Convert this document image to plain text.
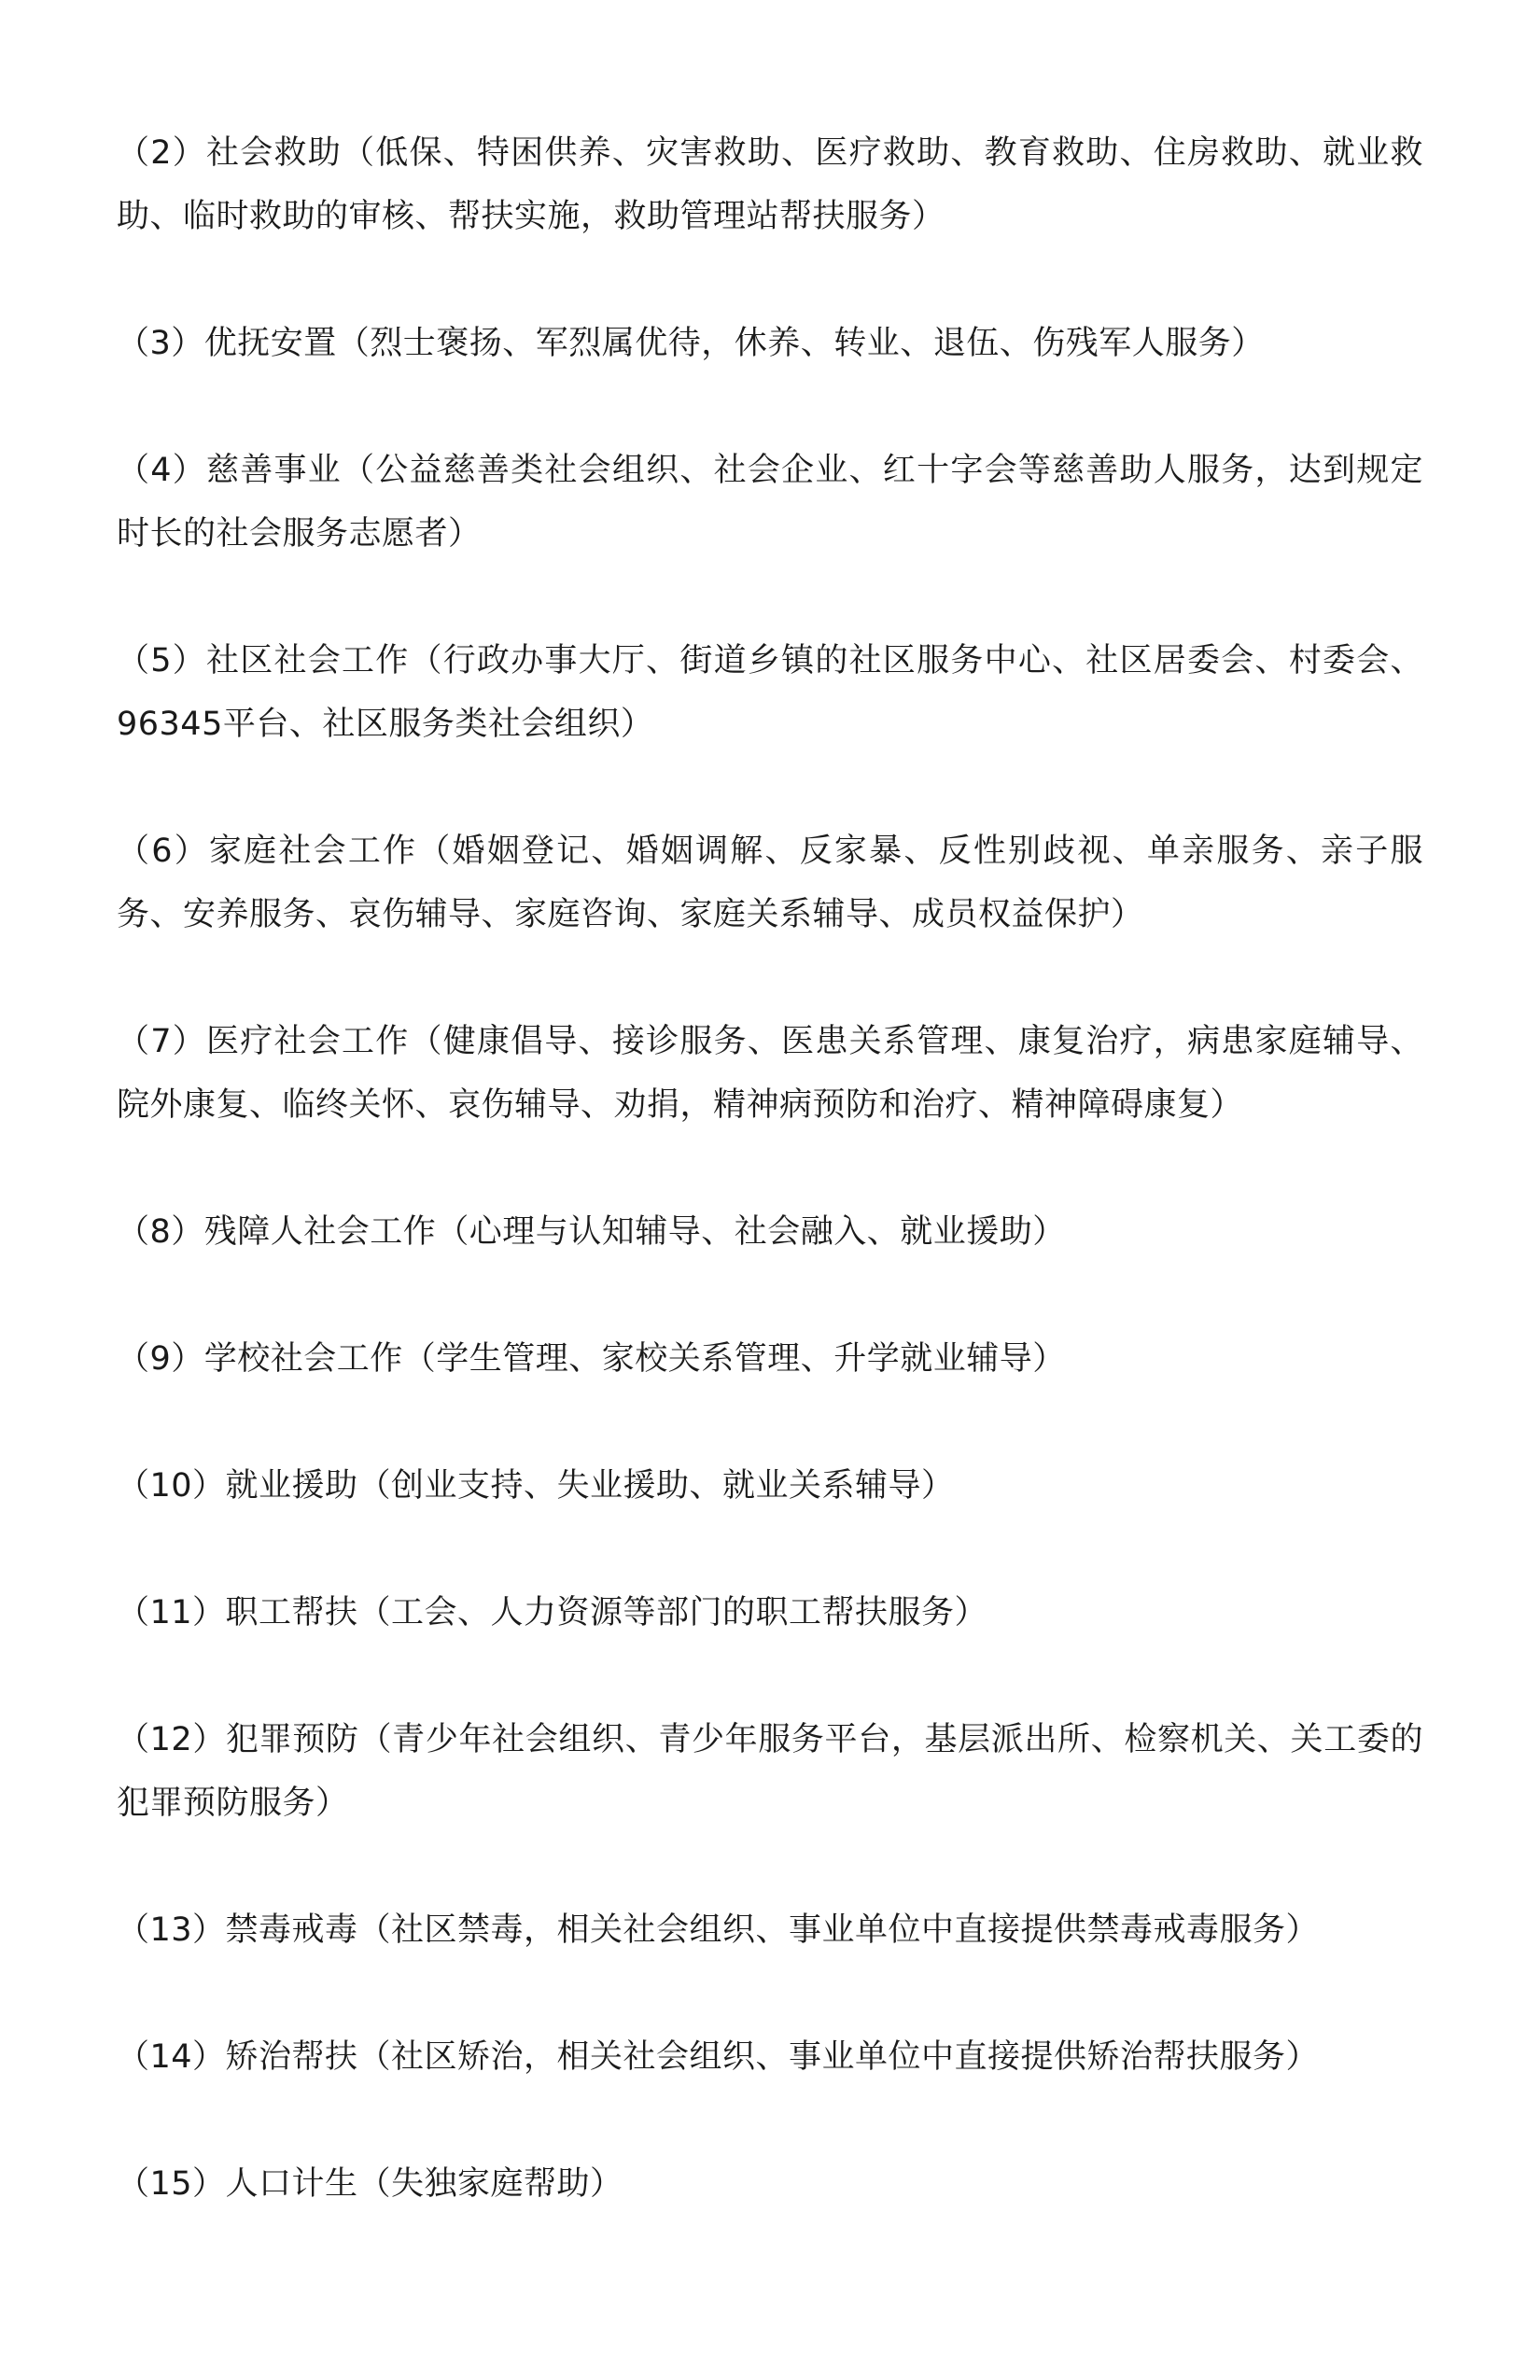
（2）社会救助（低保、特困供养、灾害救助、医疗救助、教育救助、住房救助、就业救助、临时救助的审核、帮扶实施，救助管理站帮扶服务）

（3）优抚安置（烈士褒扬、军烈属优待，休养、转业、退伍、伤残军人服务）

（4）慈善事业（公益慈善类社会组织、社会企业、红十字会等慈善助人服务，达到规定时长的社会服务志愿者）

（5）社区社会工作（行政办事大厅、街道乡镇的社区服务中心、社区居委会、村委会、96345平台、社区服务类社会组织）

（6）家庭社会工作（婚姻登记、婚姻调解、反家暴、反性别歧视、单亲服务、亲子服务、安养服务、哀伤辅导、家庭咨询、家庭关系辅导、成员权益保护）

（7）医疗社会工作（健康倡导、接诊服务、医患关系管理、康复治疗，病患家庭辅导、院外康复、临终关怀、哀伤辅导、劝捐，精神病预防和治疗、精神障碍康复）

（8）残障人社会工作（心理与认知辅导、社会融入、就业援助）

（9）学校社会工作（学生管理、家校关系管理、升学就业辅导）

（10）就业援助（创业支持、失业援助、就业关系辅导）

（11）职工帮扶（工会、人力资源等部门的职工帮扶服务）

（12）犯罪预防（青少年社会组织、青少年服务平台，基层派出所、检察机关、关工委的犯罪预防服务）

（13）禁毒戒毒（社区禁毒，相关社会组织、事业单位中直接提供禁毒戒毒服务）

（14）矫治帮扶（社区矫治，相关社会组织、事业单位中直接提供矫治帮扶服务）

（15）人口计生（失独家庭帮助）
